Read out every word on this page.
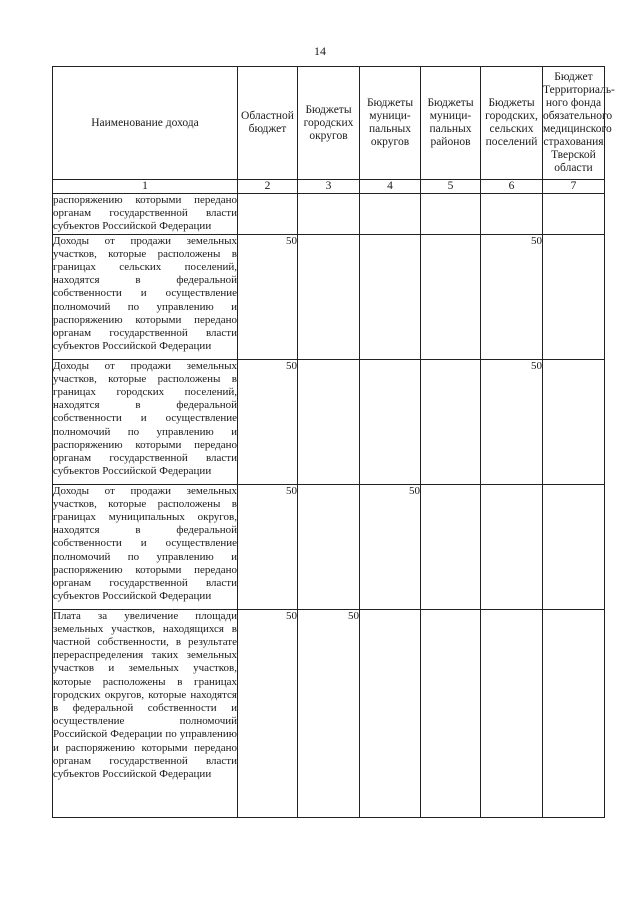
14
Наименование дохода	Областной бюджет	Бюджеты городских округов	Бюджеты муници-пальных округов	Бюджеты муници-пальных районов	Бюджеты городских, сельских поселений	Бюджет Территориаль-ного фонда обязательного медицинского страхования Тверской области
1	2	3	4	5	6	7
распоряжению которыми передано органам государственной власти субъектов Российской Федерации						
Доходы от продажи земельных участков, которые расположены в границах сельских поселений, находятся в федеральной собственности и осуществление полномочий по управлению и распоряжению которыми передано органам государственной власти субъектов Российской Федерации	50				50	
Доходы от продажи земельных участков, которые расположены в границах городских поселений, находятся в федеральной собственности и осуществление полномочий по управлению и распоряжению которыми передано органам государственной власти субъектов Российской Федерации	50				50	
Доходы от продажи земельных участков, которые расположены в границах муниципальных округов, находятся в федеральной собственности и осуществление полномочий по управлению и распоряжению которыми передано органам государственной власти субъектов Российской Федерации	50		50			
Плата за увеличение площади земельных участков, находящихся в частной собственности, в результате перераспределения таких земельных участков и земельных участков, которые расположены в границах городских округов, которые находятся в федеральной собственности и осуществление полномочий Российской Федерации по управлению и распоряжению которыми передано органам государственной власти субъектов Российской Федерации	50	50				
